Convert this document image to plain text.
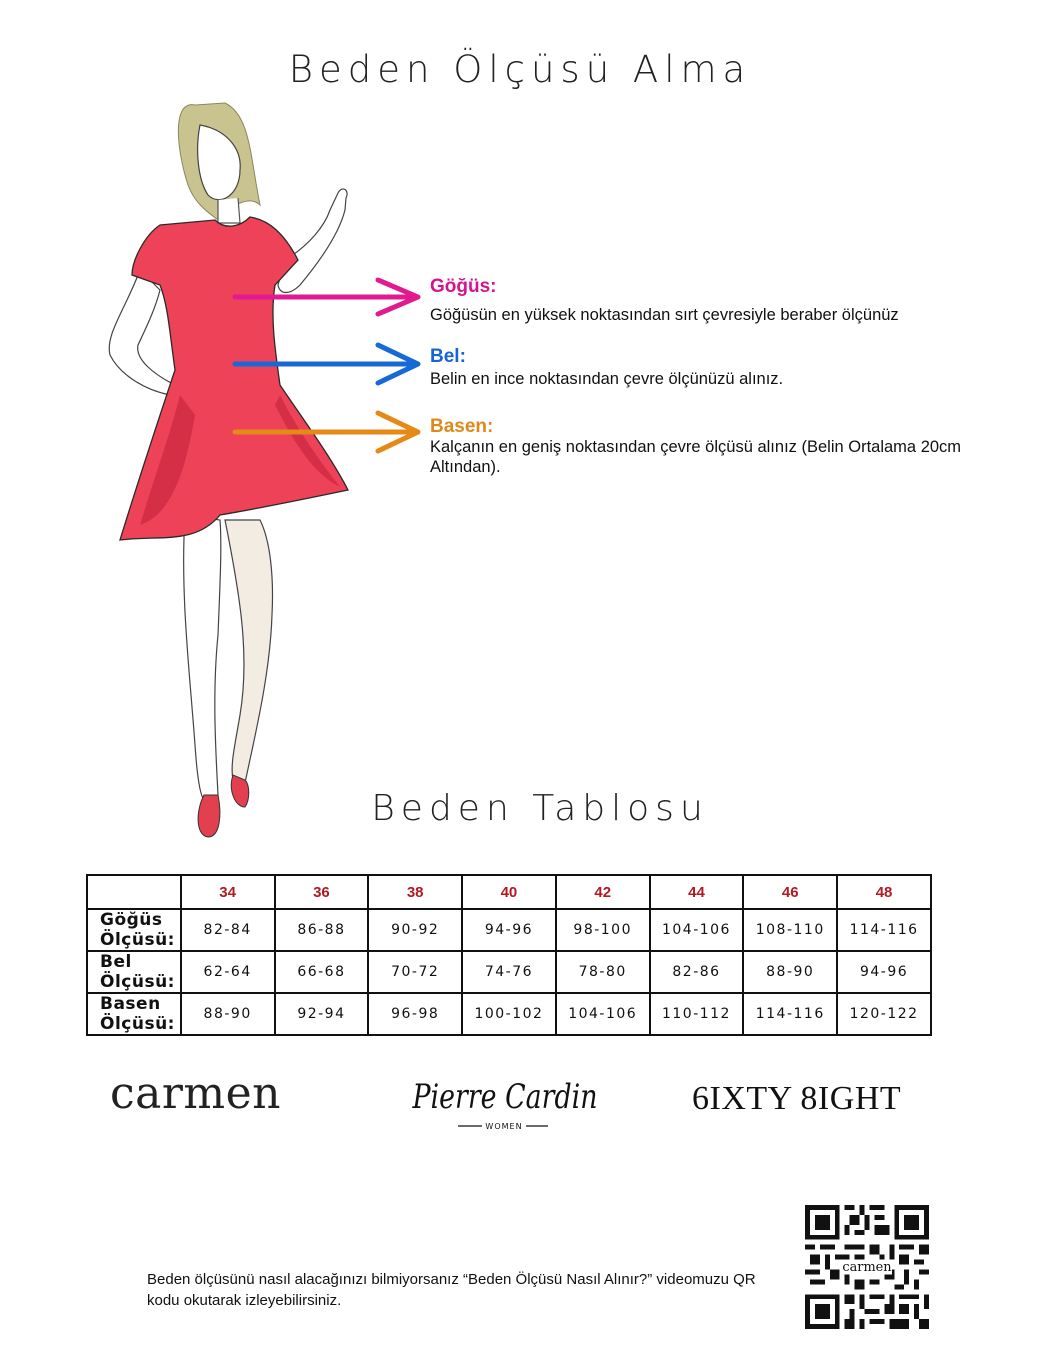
Beden Ölçüsü Alma
Göğüs:
Göğüsün en yüksek noktasından sırt çevresiyle beraber ölçünüz
Bel:
Belin en ince noktasından çevre ölçünüzü alınız.
Basen:
Kalçanın en geniş noktasından çevre ölçüsü alınız (Belin Ortalama 20cm Altından).
Beden Tablosu
	34	36	38	40	42	44	46	48
Göğüs Ölçüsü:	82-84	86-88	90-92	94-96	98-100	104-106	108-110	114-116
Bel Ölçüsü:	62-64	66-68	70-72	74-76	78-80	82-86	88-90	94-96
Basen Ölçüsü:	88-90	92-94	96-98	100-102	104-106	110-112	114-116	120-122
carmen	Pierre Cardin
WOMEN
6IXTY 8IGHT
Beden ölçüsünü nasıl alacağınızı bilmiyorsanız “Beden Ölçüsü Nasıl Alınır?” videomuzu QR kodu okutarak izleyebilirsiniz.
carmen
